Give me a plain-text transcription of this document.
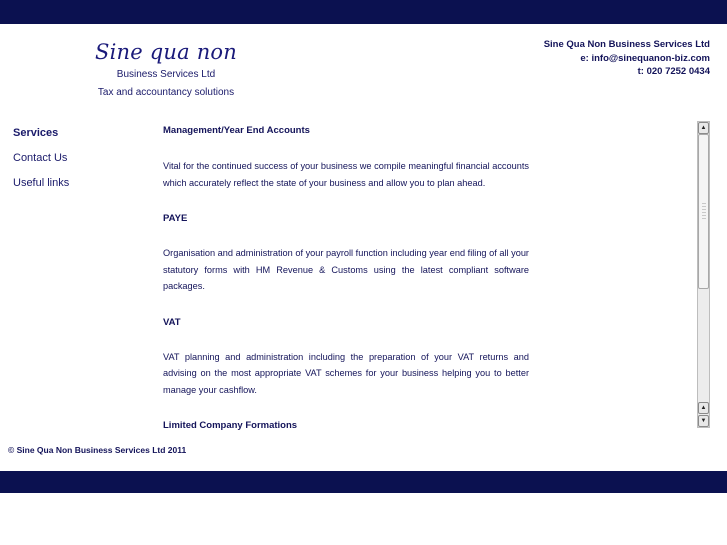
Sine qua non
Business Services Ltd
Tax and accountancy solutions
Sine Qua Non Business Services Ltd
e: info@sinequanon-biz.com
t: 020 7252 0434
Services
Contact Us
Useful links
Management/Year End Accounts

Vital for the continued success of your business we compile meaningful financial accounts which accurately reflect the state of your business and allow you to plan ahead.

PAYE

Organisation and administration of your payroll function including year end filing of all your statutory forms with HM Revenue & Customs using the latest compliant software packages.

VAT

VAT planning and administration including the preparation of your VAT returns and advising on the most appropriate VAT schemes for your business helping you to better manage your cashflow.

Limited Company Formations
▲
▲
▼
© Sine Qua Non Business Services Ltd 2011
